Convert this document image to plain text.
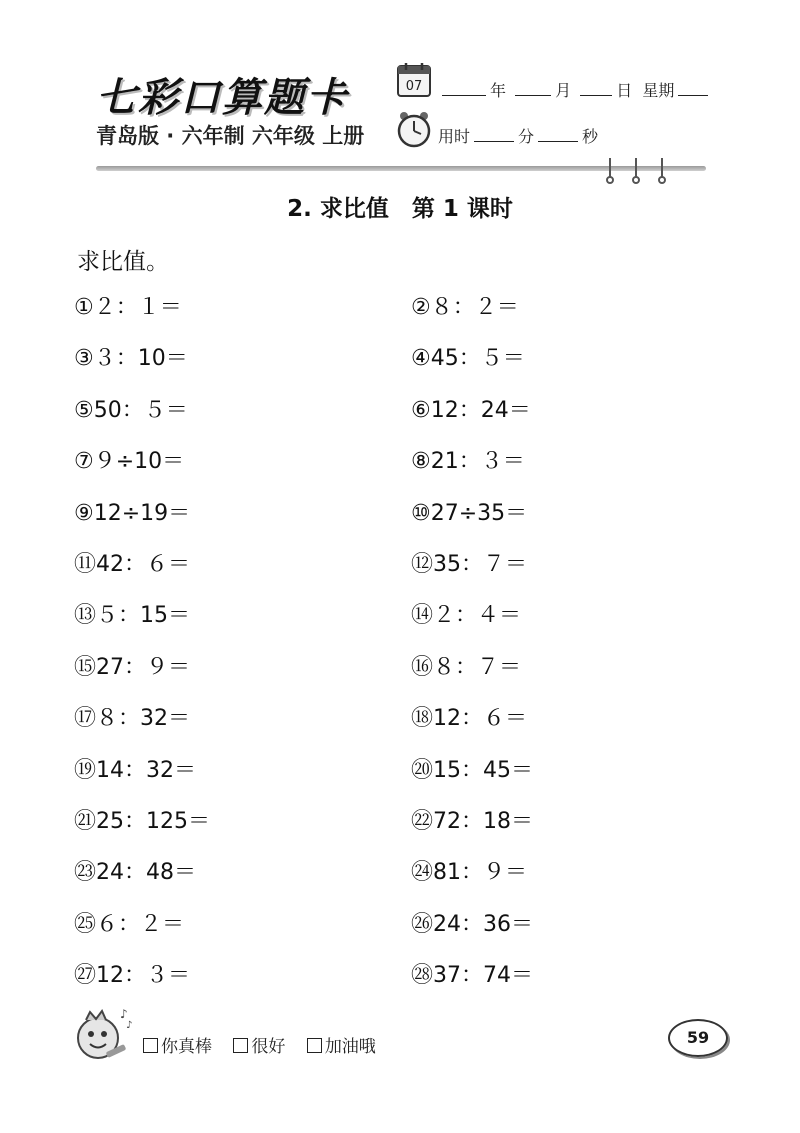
七彩口算题卡
青岛版 · 六年制 六年级 上册
07	年	月	日 星期
用时	分	秒
2. 求比值　第 1 课时
求比值。
①２：１＝	②８：２＝
③３：10＝	④45：５＝
⑤50：５＝	⑥12：24＝
⑦９÷10＝	⑧21：３＝
⑨12÷19＝	⑩27÷35＝
⑪42：６＝	⑫35：７＝
⑬５：15＝	⑭２：４＝
⑮27：９＝	⑯８：７＝
⑰８：32＝	⑱12：６＝
⑲14：32＝	⑳15：45＝
㉑25：125＝	㉒72：18＝
㉓24：48＝	㉔81：９＝
㉕６：２＝	㉖24：36＝
㉗12：３＝	㉘37：74＝
♪
♪
你真棒 很好 加油哦	59
